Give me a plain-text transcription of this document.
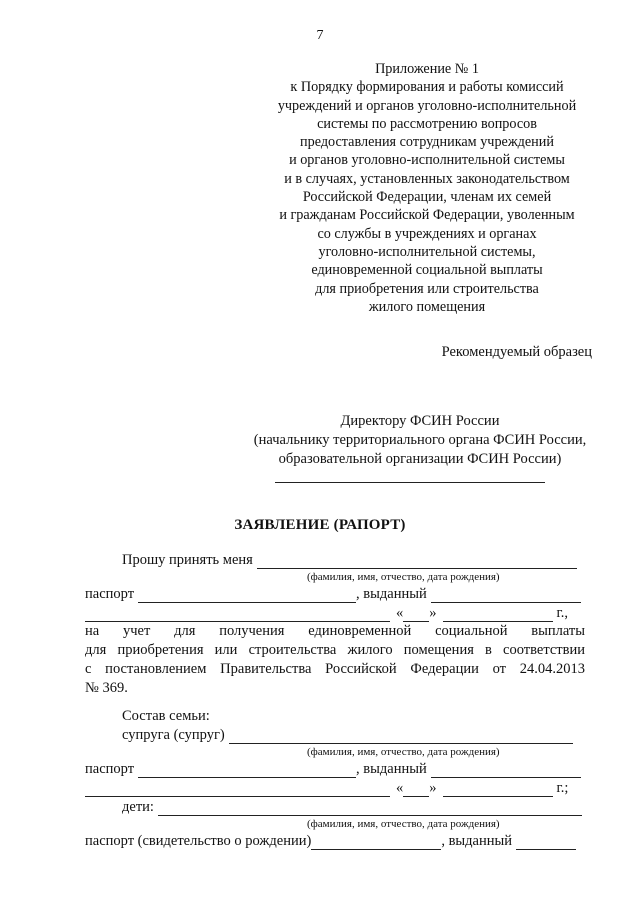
7
Приложение № 1
к Порядку формирования и работы комиссий
учреждений и органов уголовно-исполнительной
системы по рассмотрению вопросов
предоставления сотрудникам учреждений
и органов уголовно-исполнительной системы
и в случаях, установленных законодательством
Российской Федерации, членам их семей
и гражданам Российской Федерации, уволенным
со службы в учреждениях и органах
уголовно-исполнительной системы,
единовременной социальной выплаты
для приобретения или строительства
жилого помещения
Рекомендуемый образец
Директору ФСИН России
(начальнику территориального органа ФСИН России,
образовательной организации ФСИН России)
ЗАЯВЛЕНИЕ (РАПОРТ)
Прошу принять меня
(фамилия, имя, отчество, дата рождения)
паспорт	, выданный
« »	г.,
на учет для получения единовременной социальной выплаты
для приобретения или строительства жилого помещения в соответствии
с постановлением Правительства Российской Федерации от 24.04.2013
№ 369.
Состав семьи:
супруга (супруг)
(фамилия, имя, отчество, дата рождения)
паспорт	, выданный
« »	г.;
дети:
(фамилия, имя, отчество, дата рождения)
паспорт (свидетельство о рождении)	, выданный
